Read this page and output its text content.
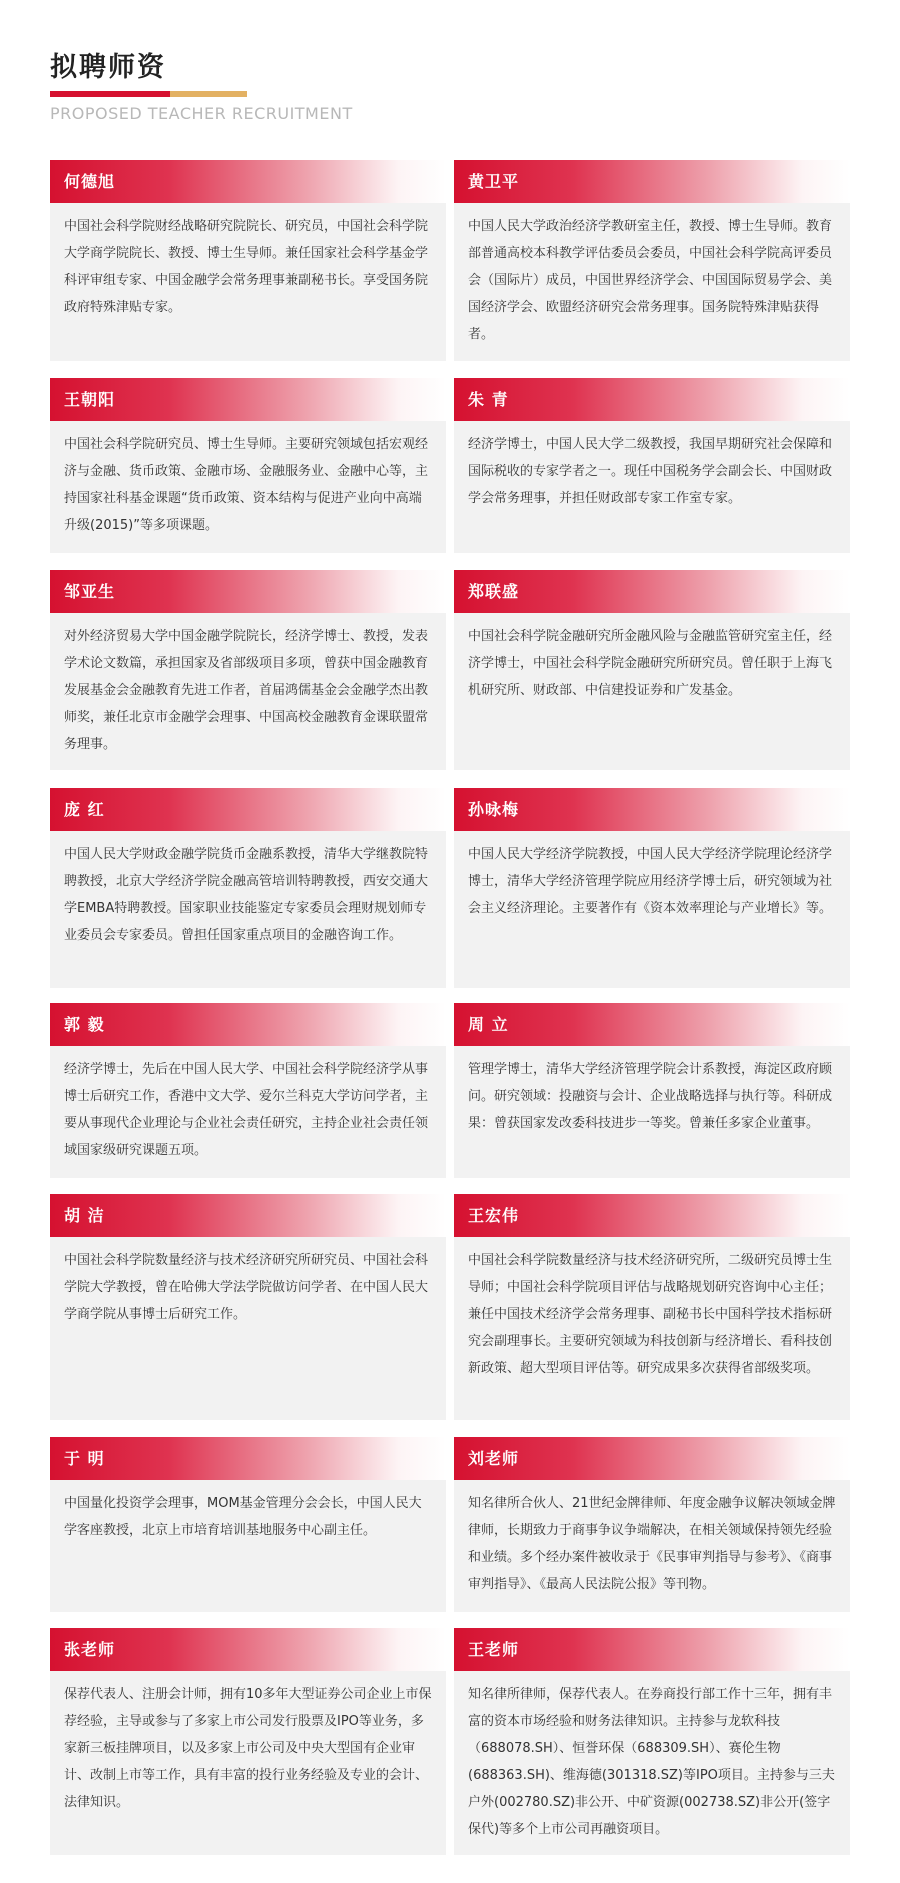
拟聘师资
PROPOSED TEACHER RECRUITMENT
何德旭
中国社会科学院财经战略研究院院长、研究员，中国社会科学院大学商学院院长、教授、博士生导师。兼任国家社会科学基金学科评审组专家、中国金融学会常务理事兼副秘书长。享受国务院政府特殊津贴专家。
黄卫平
中国人民大学政治经济学教研室主任，教授、博士生导师。教育部普通高校本科教学评估委员会委员，中国社会科学院高评委员会（国际片）成员，中国世界经济学会、中国国际贸易学会、美国经济学会、欧盟经济研究会常务理事。国务院特殊津贴获得者。
王朝阳
中国社会科学院研究员、博士生导师。主要研究领域包括宏观经济与金融、货币政策、金融市场、金融服务业、金融中心等，主持国家社科基金课题“货币政策、资本结构与促进产业向中高端升级(2015)”等多项课题。
朱 青
经济学博士，中国人民大学二级教授，我国早期研究社会保障和国际税收的专家学者之一。现任中国税务学会副会长、中国财政学会常务理事，并担任财政部专家工作室专家。
邹亚生
对外经济贸易大学中国金融学院院长，经济学博士、教授，发表学术论文数篇，承担国家及省部级项目多项，曾获中国金融教育发展基金会金融教育先进工作者，首届鸿儒基金会金融学杰出教师奖，兼任北京市金融学会理事、中国高校金融教育金课联盟常务理事。
郑联盛
中国社会科学院金融研究所金融风险与金融监管研究室主任，经济学博士，中国社会科学院金融研究所研究员。曾任职于上海飞机研究所、财政部、中信建投证券和广发基金。
庞 红
中国人民大学财政金融学院货币金融系教授，清华大学继教院特聘教授，北京大学经济学院金融高管培训特聘教授，西安交通大学EMBA特聘教授。国家职业技能鉴定专家委员会理财规划师专业委员会专家委员。曾担任国家重点项目的金融咨询工作。
孙咏梅
中国人民大学经济学院教授，中国人民大学经济学院理论经济学博士，清华大学经济管理学院应用经济学博士后，研究领域为社会主义经济理论。主要著作有《资本效率理论与产业增长》等。
郭 毅
经济学博士，先后在中国人民大学、中国社会科学院经济学从事博士后研究工作，香港中文大学、爱尔兰科克大学访问学者，主要从事现代企业理论与企业社会责任研究，主持企业社会责任领域国家级研究课题五项。
周 立
管理学博士，清华大学经济管理学院会计系教授，海淀区政府顾问。研究领域：投融资与会计、企业战略选择与执行等。科研成果：曾获国家发改委科技进步一等奖。曾兼任多家企业董事。
胡 洁
中国社会科学院数量经济与技术经济研究所研究员、中国社会科学院大学教授，曾在哈佛大学法学院做访问学者、在中国人民大学商学院从事博士后研究工作。
王宏伟
中国社会科学院数量经济与技术经济研究所，二级研究员博士生导师；中国社会科学院项目评估与战略规划研究咨询中心主任；兼任中国技术经济学会常务理事、副秘书长中国科学技术指标研究会副理事长。主要研究领域为科技创新与经济增长、看科技创新政策、超大型项目评估等。研究成果多次获得省部级奖项。
于 明
中国量化投资学会理事，MOM基金管理分会会长，中国人民大学客座教授，北京上市培育培训基地服务中心副主任。
刘老师
知名律所合伙人、21世纪金牌律师、年度金融争议解决领域金牌律师，长期致力于商事争议争端解决，在相关领域保持领先经验和业绩。多个经办案件被收录于《民事审判指导与参考》、《商事审判指导》、《最高人民法院公报》等刊物。
张老师
保荐代表人、注册会计师，拥有10多年大型证券公司企业上市保荐经验，主导或参与了多家上市公司发行股票及IPO等业务，多家新三板挂牌项目，以及多家上市公司及中央大型国有企业审计、改制上市等工作，具有丰富的投行业务经验及专业的会计、法律知识。
王老师
知名律所律师，保荐代表人。在券商投行部工作十三年，拥有丰富的资本市场经验和财务法律知识。主持参与龙软科技（688078.SH）、恒誉环保（688309.SH）、赛伦生物(688363.SH)、维海德(301318.SZ)等IPO项目。主持参与三夫户外(002780.SZ)非公开、中矿资源(002738.SZ)非公开(签字保代)等多个上市公司再融资项目。
